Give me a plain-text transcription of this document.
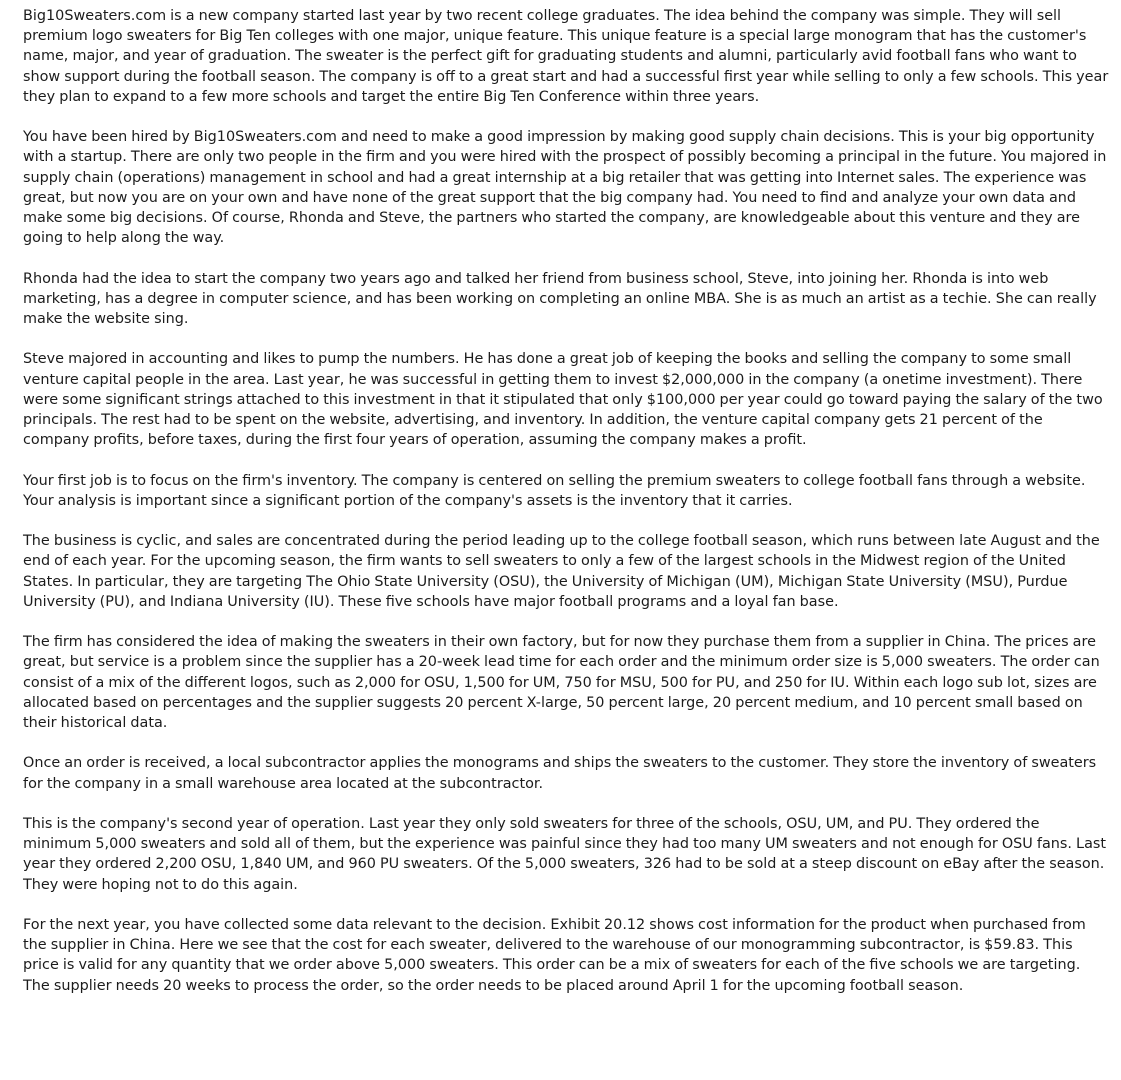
Big10Sweaters.com is a new company started last year by two recent college graduates. The idea behind the company was simple. They will sell premium logo sweaters for Big Ten colleges with one major, unique feature. This unique feature is a special large monogram that has the customer's name, major, and year of graduation. The sweater is the perfect gift for graduating students and alumni, particularly avid football fans who want to show support during the football season. The company is off to a great start and had a successful first year while selling to only a few schools. This year they plan to expand to a few more schools and target the entire Big Ten Conference within three years.

You have been hired by Big10Sweaters.com and need to make a good impression by making good supply chain decisions. This is your big opportunity with a startup. There are only two people in the firm and you were hired with the prospect of possibly becoming a principal in the future. You majored in supply chain (operations) management in school and had a great internship at a big retailer that was getting into Internet sales. The experience was great, but now you are on your own and have none of the great support that the big company had. You need to find and analyze your own data and make some big decisions. Of course, Rhonda and Steve, the partners who started the company, are knowledgeable about this venture and they are going to help along the way.

Rhonda had the idea to start the company two years ago and talked her friend from business school, Steve, into joining her. Rhonda is into web marketing, has a degree in computer science, and has been working on completing an online MBA. She is as much an artist as a techie. She can really make the website sing.

Steve majored in accounting and likes to pump the numbers. He has done a great job of keeping the books and selling the company to some small venture capital people in the area. Last year, he was successful in getting them to invest $2,000,000 in the company (a onetime investment). There were some significant strings attached to this investment in that it stipulated that only $100,000 per year could go toward paying the salary of the two principals. The rest had to be spent on the website, advertising, and inventory. In addition, the venture capital company gets 21 percent of the company profits, before taxes, during the first four years of operation, assuming the company makes a profit.

Your first job is to focus on the firm's inventory. The company is centered on selling the premium sweaters to college football fans through a website. Your analysis is important since a significant portion of the company's assets is the inventory that it carries.

The business is cyclic, and sales are concentrated during the period leading up to the college football season, which runs between late August and the end of each year. For the upcoming season, the firm wants to sell sweaters to only a few of the largest schools in the Midwest region of the United States. In particular, they are targeting The Ohio State University (OSU), the University of Michigan (UM), Michigan State University (MSU), Purdue University (PU), and Indiana University (IU). These five schools have major football programs and a loyal fan base.

The firm has considered the idea of making the sweaters in their own factory, but for now they purchase them from a supplier in China. The prices are great, but service is a problem since the supplier has a 20-week lead time for each order and the minimum order size is 5,000 sweaters. The order can consist of a mix of the different logos, such as 2,000 for OSU, 1,500 for UM, 750 for MSU, 500 for PU, and 250 for IU. Within each logo sub lot, sizes are allocated based on percentages and the supplier suggests 20 percent X-large, 50 percent large, 20 percent medium, and 10 percent small based on their historical data.

Once an order is received, a local subcontractor applies the monograms and ships the sweaters to the customer. They store the inventory of sweaters for the company in a small warehouse area located at the subcontractor.

This is the company's second year of operation. Last year they only sold sweaters for three of the schools, OSU, UM, and PU. They ordered the minimum 5,000 sweaters and sold all of them, but the experience was painful since they had too many UM sweaters and not enough for OSU fans. Last year they ordered 2,200 OSU, 1,840 UM, and 960 PU sweaters. Of the 5,000 sweaters, 326 had to be sold at a steep discount on eBay after the season. They were hoping not to do this again.

For the next year, you have collected some data relevant to the decision. Exhibit 20.12 shows cost information for the product when purchased from the supplier in China. Here we see that the cost for each sweater, delivered to the warehouse of our monogramming subcontractor, is $59.83. This price is valid for any quantity that we order above 5,000 sweaters. This order can be a mix of sweaters for each of the five schools we are targeting. The supplier needs 20 weeks to process the order, so the order needs to be placed around April 1 for the upcoming football season.
